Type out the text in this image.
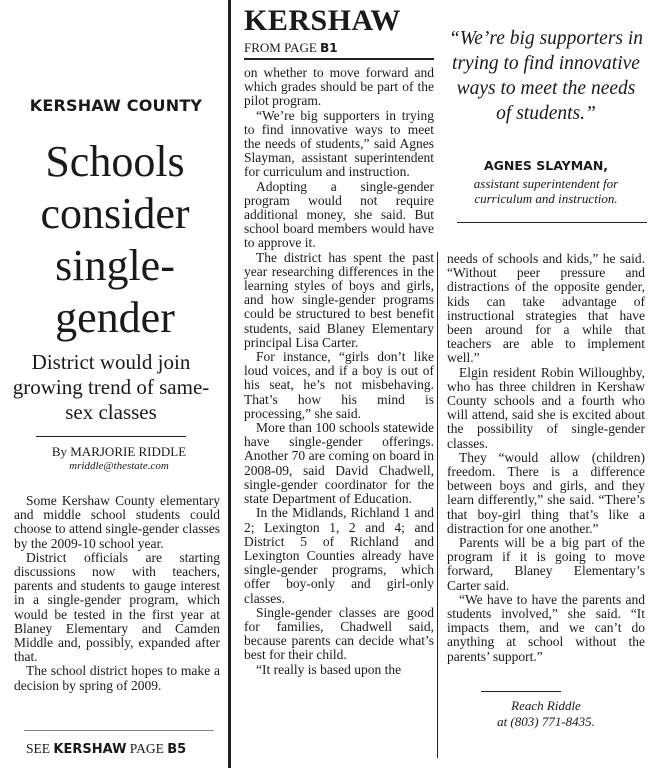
KERSHAW COUNTY
Schools
consider
single-
gender
District would join growing trend of same-sex classes
By MARJORIE RIDDLE
mriddle@thestate.com

Some Kershaw County elementary and middle school students could choose to attend single-gender classes by the 2009-10 school year.

District officials are starting discussions now with teachers, parents and students to gauge interest in a single-gender program, which would be tested in the first year at Blaney Elementary and Camden Middle and, possibly, expanded after that.

The school district hopes to make a decision by spring of 2009.

SEE KERSHAW PAGE B5
KERSHAW
FROM PAGE B1

on whether to move forward and which grades should be part of the pilot program.

“We’re big supporters in trying to find innovative ways to meet the needs of students,” said Agnes Slayman, assistant superintendent for curriculum and instruction.

Adopting a single-gender program would not require additional money, she said. But school board members would have to approve it.

The district has spent the past year researching differences in the learning styles of boys and girls, and how single-gender programs could be structured to best benefit students, said Blaney Elementary principal Lisa Carter.

For instance, “girls don’t like loud voices, and if a boy is out of his seat, he’s not misbehaving. That’s how his mind is processing,” she said.

More than 100 schools statewide have single-gender offerings. Another 70 are coming on board in 2008-09, said David Chadwell, single-gender coordinator for the state Department of Education.

In the Midlands, Richland 1 and 2; Lexington 1, 2 and 4; and District 5 of Richland and Lexington Counties already have single-gender programs, which offer boy-only and girl-only classes.

Single-gender classes are good for families, Chadwell said, because parents can decide what’s best for their child.

“It really is based upon the

“We’re big supporters in trying to find innovative ways to meet the needs of students.”
AGNES SLAYMAN,
assistant superintendent for curriculum and instruction.

needs of schools and kids,” he said. “Without peer pressure and distractions of the opposite gender, kids can take advantage of instructional strategies that have been around for a while that teachers are able to implement well.”

Elgin resident Robin Willoughby, who has three children in Kershaw County schools and a fourth who will attend, said she is excited about the possibility of single-gender classes.

They “would allow (children) freedom. There is a difference between boys and girls, and they learn differently,” she said. “There’s that boy-girl thing that’s like a distraction for one another.”

Parents will be a big part of the program if it is going to move forward, Blaney Elementary’s Carter said.

“We have to have the parents and students involved,” she said. “It impacts them, and we can’t do anything at school without the parents’ support.”

Reach Riddle
at (803) 771-8435.
